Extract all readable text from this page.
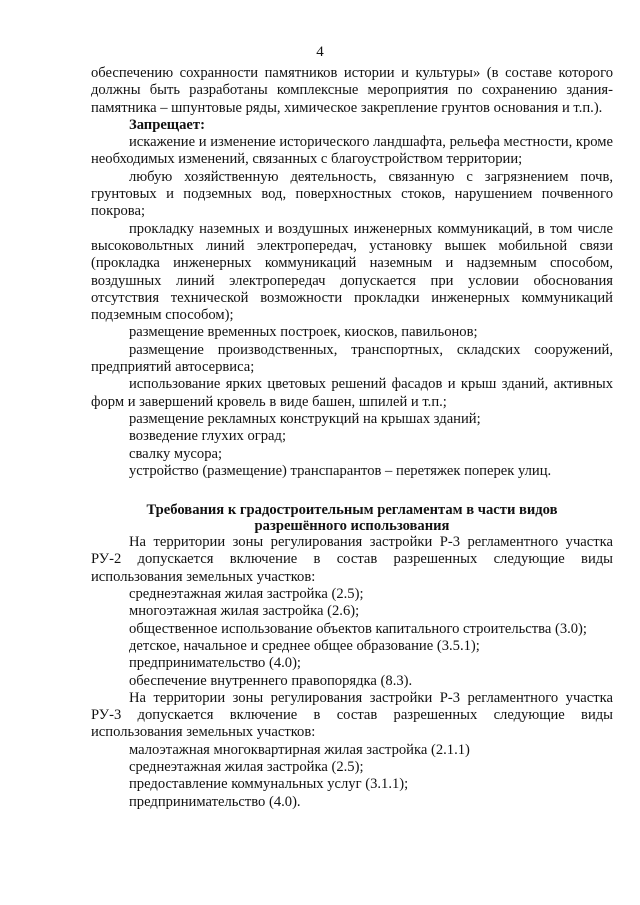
4

обеспечению сохранности памятников истории и культуры» (в составе которого должны быть разработаны комплексные мероприятия по сохранению здания-памятника – шпунтовые ряды, химическое закрепление грунтов основания и т.п.).

Запрещает:

искажение и изменение исторического ландшафта, рельефа местности, кроме необходимых изменений, связанных с благоустройством территории;

любую хозяйственную деятельность, связанную с загрязнением почв, грунтовых и подземных вод, поверхностных стоков, нарушением почвенного покрова;

прокладку наземных и воздушных инженерных коммуникаций, в том числе высоковольтных линий электропередач, установку вышек мобильной связи (прокладка инженерных коммуникаций наземным и надземным способом, воздушных линий электропередач допускается при условии обоснования отсутствия технической возможности прокладки инженерных коммуникаций подземным способом);

размещение временных построек, киосков, павильонов;

размещение производственных, транспортных, складских сооружений, предприятий автосервиса;

использование ярких цветовых решений фасадов и крыш зданий, активных форм и завершений кровель в виде башен, шпилей и т.п.;

размещение рекламных конструкций на крышах зданий;

возведение глухих оград;

свалку мусора;

устройство (размещение) транспарантов – перетяжек поперек улиц.

Требования к градостроительным регламентам в части видов разрешённого использования

На территории зоны регулирования застройки Р-3 регламентного участка РУ-2 допускается включение в состав разрешенных следующие виды использования земельных участков:

среднеэтажная жилая застройка (2.5);

многоэтажная жилая застройка (2.6);

общественное использование объектов капитального строительства (3.0);

детское, начальное и среднее общее образование (3.5.1);

предпринимательство (4.0);

обеспечение внутреннего правопорядка (8.3).

На территории зоны регулирования застройки Р-3 регламентного участка РУ-3 допускается включение в состав разрешенных следующие виды использования земельных участков:

малоэтажная многоквартирная жилая застройка (2.1.1)

среднеэтажная жилая застройка (2.5);

предоставление коммунальных услуг (3.1.1);

предпринимательство (4.0).
